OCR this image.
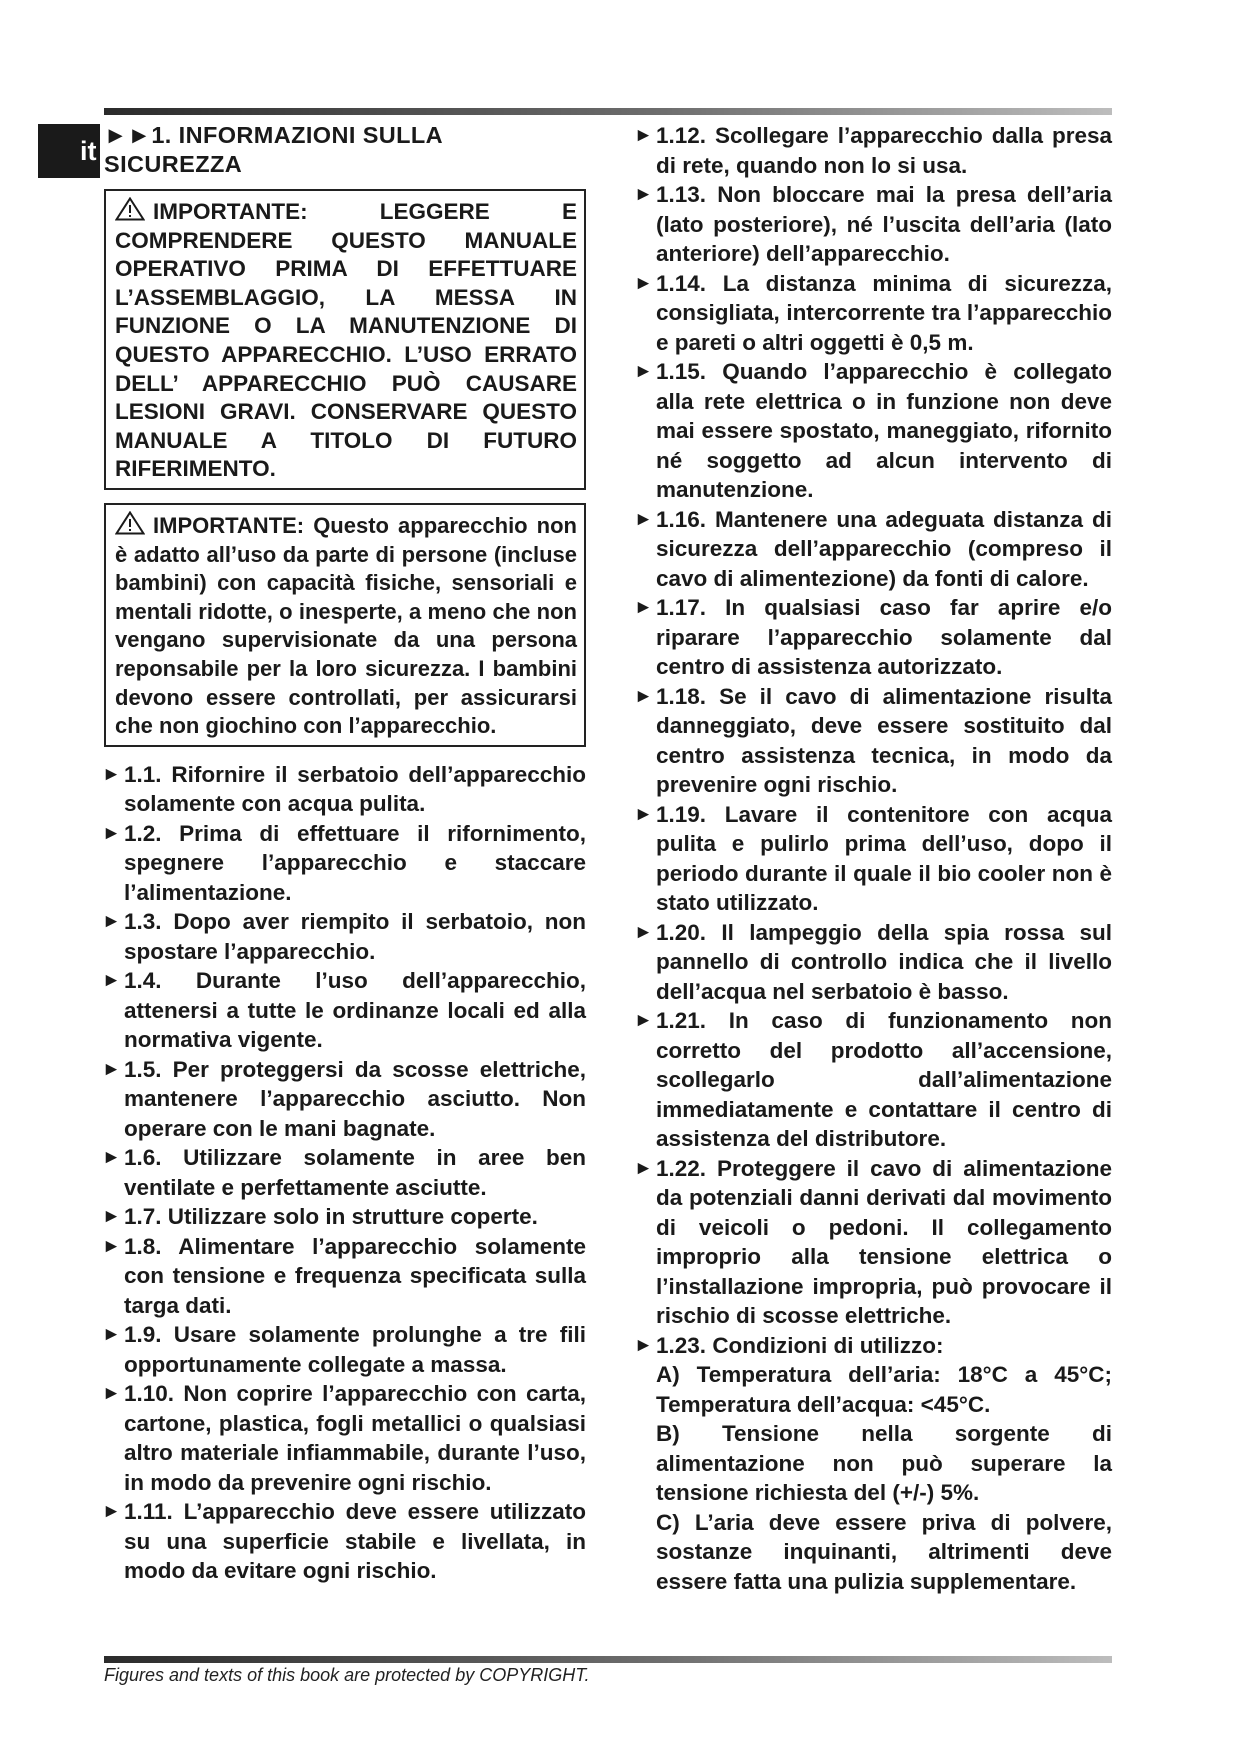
it
►►1. INFORMAZIONI SULLA SICUREZZA
IMPORTANTE:	LEGGERE E COMPRENDERE QUESTO MANUALE OPERATIVO PRIMA DI EFFETTUARE L’ASSEMBLAGGIO, LA MESSA IN FUNZIONE O LA MANUTENZIONE DI QUESTO APPARECCHIO. L’USO ERRATO DELL’ APPARECCHIO PUÒ CAUSARE LESIONI GRAVI. CONSERVARE QUESTO MANUALE A TITOLO DI FUTURO RIFERIMENTO.
IMPORTANTE: Questo apparecchio non è adatto all’uso da parte di persone (incluse bambini) con capacità fisiche, sensoriali e mentali ridotte, o inesperte, a meno che non vengano supervisionate da una persona reponsabile per la loro sicurezza. I bambini devono essere controllati, per assicurarsi che non giochino con l’apparecchio.
► 1.1. Rifornire il serbatoio dell’apparecchio solamente con acqua pulita.
► 1.2. Prima di effettuare il rifornimento, spegnere l’apparecchio e staccare l’alimentazione.
► 1.3. Dopo aver riempito il serbatoio, non spostare l’apparecchio.
► 1.4. Durante l’uso dell’apparecchio, attenersi a tutte le ordinanze locali ed alla normativa vigente.
► 1.5. Per proteggersi da scosse elettriche, mantenere l’apparecchio asciutto. Non operare con le mani bagnate.
► 1.6. Utilizzare solamente in aree ben ventilate e perfettamente asciutte.
► 1.7. Utilizzare solo in strutture coperte.
► 1.8. Alimentare l’apparecchio solamente con tensione e frequenza specificata sulla targa dati.
► 1.9. Usare solamente prolunghe a tre fili opportunamente collegate a massa.
► 1.10. Non coprire l’apparecchio con carta, cartone, plastica, fogli metallici o qualsiasi altro materiale infiammabile, durante l’uso, in modo da prevenire ogni rischio.
► 1.11. L’apparecchio deve essere utilizzato su una superficie stabile e livellata, in modo da evitare ogni rischio.
► 1.12. Scollegare l’apparecchio dalla presa di rete, quando non lo si usa.
► 1.13. Non bloccare mai la presa dell’aria (lato posteriore), né l’uscita dell’aria (lato anteriore) dell’apparecchio.
► 1.14. La distanza minima di sicurezza, consigliata, intercorrente tra l’apparecchio e pareti o altri oggetti è 0,5 m.
► 1.15. Quando l’apparecchio è collegato alla rete elettrica o in funzione non deve mai essere spostato, maneggiato, rifornito né soggetto ad alcun intervento di manutenzione.
► 1.16. Mantenere una adeguata distanza di sicurezza dell’apparecchio (compreso il cavo di alimentezione) da fonti di calore.
► 1.17. In qualsiasi caso far aprire e/o riparare l’apparecchio solamente dal centro di assistenza autorizzato.
► 1.18. Se il cavo di alimentazione risulta danneggiato, deve essere sostituito dal centro assistenza tecnica, in modo da prevenire ogni rischio.
► 1.19. Lavare il contenitore con acqua pulita e pulirlo prima dell’uso, dopo il periodo durante il quale il bio cooler non è stato utilizzato.
► 1.20. Il lampeggio della spia rossa sul pannello di controllo indica che il livello dell’acqua nel serbatoio è basso.
► 1.21. In caso di funzionamento non corretto del prodotto all’accensione, scollegarlo dall’alimentazione immediatamente e contattare il centro di assistenza del distributore.
► 1.22. Proteggere il cavo di alimentazione da potenziali danni derivati dal movimento di veicoli o pedoni. Il collegamento improprio alla tensione elettrica o l’installazione impropria, può provocare il rischio di scosse elettriche.
► 1.23. Condizioni di utilizzo:
A) Temperatura dell’aria: 18°C a 45°C; Temperatura dell’acqua: <45°C.
B) Tensione nella sorgente di alimentazione non può superare la tensione richiesta del (+/-) 5%.
C) L’aria deve essere priva di polvere, sostanze inquinanti, altrimenti deve essere fatta una pulizia supplementare.
Figures and texts of this book are protected by COPYRIGHT.
